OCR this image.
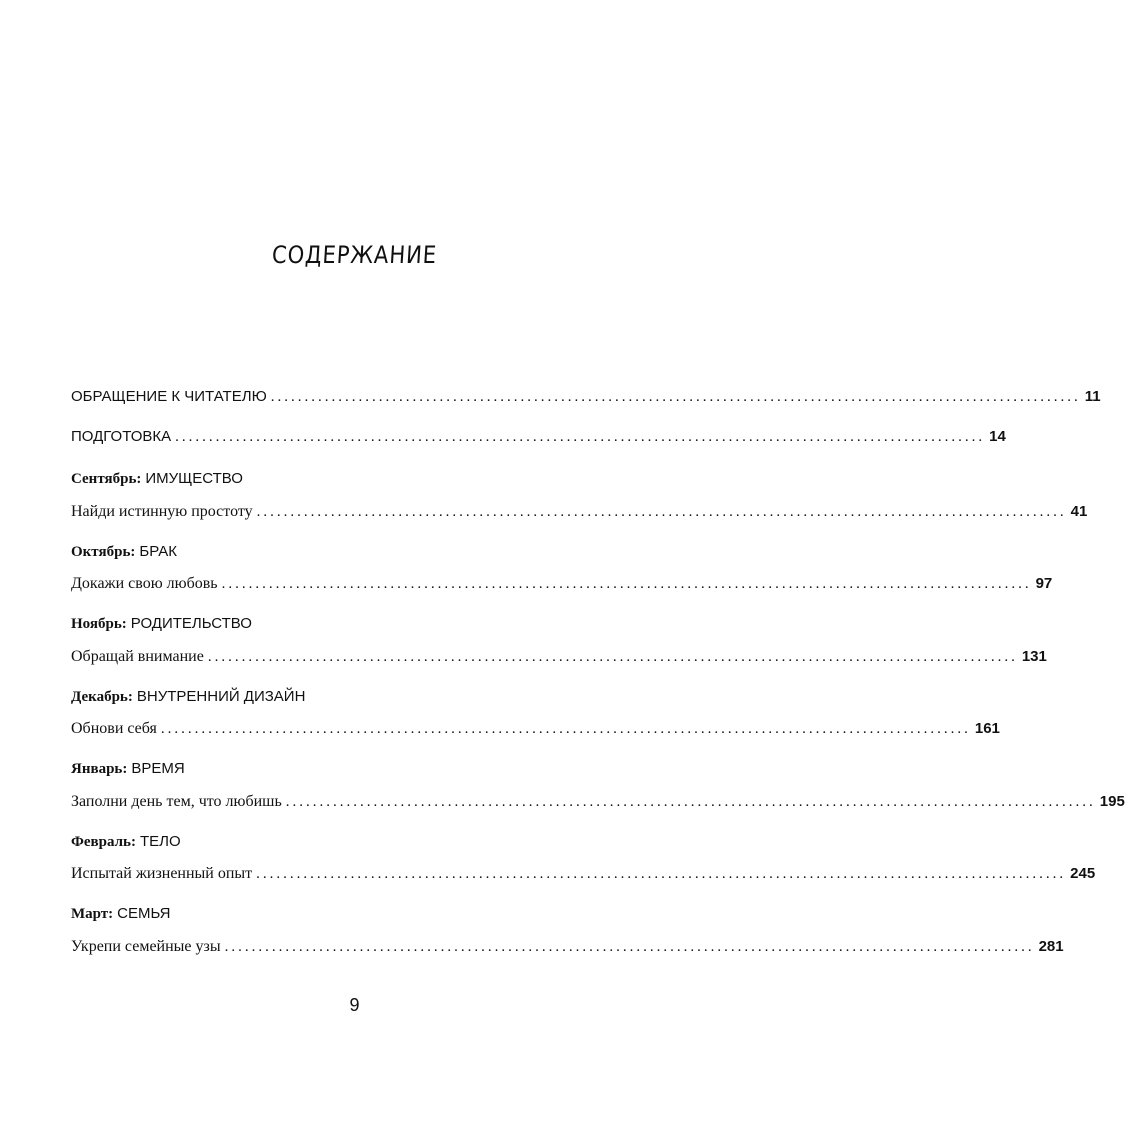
СОДЕРЖАНИЕ
ОБРАЩЕНИЕ К ЧИТАТЕЛЮ ........................................................................................................................ 11
ПОДГОТОВКА ........................................................................................................................ 14
Сентябрь: ИМУЩЕСТВО
Найди истинную простоту ........................................................................................................................ 41
Октябрь: БРАК
Докажи свою любовь ........................................................................................................................ 97
Ноябрь: РОДИТЕЛЬСТВО
Обращай внимание ........................................................................................................................ 131
Декабрь: ВНУТРЕННИЙ ДИЗАЙН
Обнови себя ........................................................................................................................ 161
Январь: ВРЕМЯ
Заполни день тем, что любишь ........................................................................................................................ 195
Февраль: ТЕЛО
Испытай жизненный опыт ........................................................................................................................ 245
Март: СЕМЬЯ
Укрепи семейные узы ........................................................................................................................ 281
9
